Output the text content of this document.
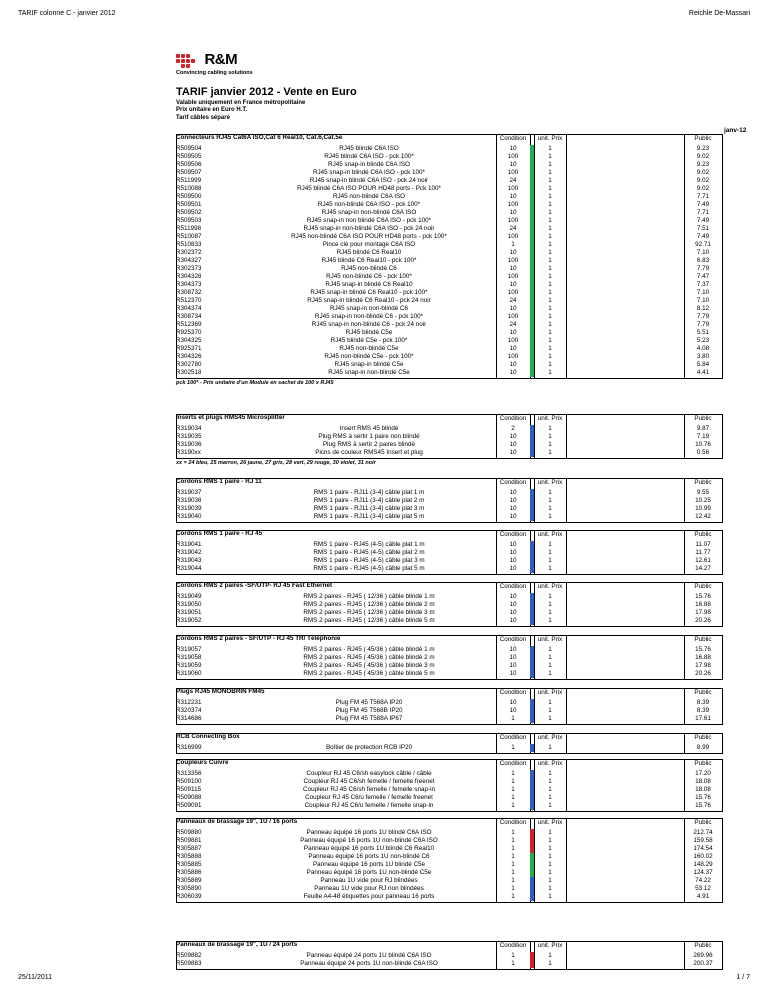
TARIF colonne C - janvier 2012	Reichle De-Massari
R&M
Convincing cabling solutions
TARIF janvier 2012 - Vente en Euro
Valable uniquement en France métropolitaine
Prix unitaire en Euro H.T.
Tarif câbles séparé
janv-12
Connecteurs RJ45 Cat6A ISO,Cat 6 Real10, Cat.6,Cat.5e	Condition	unit. Prix	Public
R509504	RJ45 blindé C6A ISO	10	1	9.23
R509505	RJ45 blindé C6A ISO - pck 100*	100	1	9.02
R509506	RJ45 snap-in blindé C6A ISO	10	1	9.23
R509507	RJ45 snap-in blindé C6A ISO - pck 100*	100	1	9.02
R511999	RJ45 snap-in blindé C6A ISO - pck 24 noir	24	1	9.02
R510088	RJ45 blindé C6A ISO POUR HD48 ports - Pck 100*	100	1	9.02
R509500	RJ45 non-blindé C6A ISO	10	1	7.71
R509501	RJ45 non-blindé C6A ISO - pck 100*	100	1	7.49
R509502	RJ45 snap-in non-blindé C6A ISO	10	1	7.71
R509503	RJ45 snap-in non blindé C6A ISO - pck 100*	100	1	7.49
R511998	RJ45 snap-in non-blindé C6A ISO - pck 24 noir	24	1	7.51
R510087	RJ45 non-blindé C6A ISO POUR HD48 ports - pck 100*	100	1	7.49
R510833	Pince clé pour montage C6A ISO	1	1	92.71
R302372	RJ45 blindé C6 Real10	10	1	7.10
R304327	RJ45 blindé C6 Real10 - pck 100*	100	1	6.83
R302373	RJ45 non-blindé C6	10	1	7.79
R304328	RJ45 non-blindé C6 - pck 100*	100	1	7.47
R304373	RJ45 snap-in blindé C6 Real10	10	1	7.37
R308732	RJ45 snap-in blindé C6 Real10 - pck 100*	100	1	7.10
R512370	RJ45 snap-in blindé C6 Real10 - pck 24 noir	24	1	7.10
R304374	RJ45 snap-in non-blindé C6	10	1	8.12
R308734	RJ45 snap-in non-blindé C6 - pck 100*	100	1	7.79
R512369	RJ45 snap-in non-blindé C6 - pck 24 noir	24	1	7.79
R925370	RJ45 blindé C5e	10	1	5.51
R304325	RJ45 blindé C5e - pck 100*	100	1	5.23
R925371	RJ45 non-blindé C5e	10	1	4.08
R304326	RJ45 non-blindé C5e - pck 100*	100	1	3.80
R302780	RJ45 snap-in blindé C5e	10	1	5.84
R302518	RJ45 snap-in non-blindé C5e	10	1	4.41
pck 100* - Prix unitaire d'un Module en sachet de 100 x RJ45
Inserts et plugs RMS45 Microsplitter	Condition	unit. Prix	Public
R319034	Insert RMS 45 blindé	2	1	9.87
R319035	Plug RMS à sertir 1 paire non blindé	10	1	7.19
R319036	Plug RMS à sertir 2 paires blindé	10	1	10.76
R3190xx	Picns de couleur RMS45 Insert et plug	10	1	0.56
xx = 24 bleu, 25 marron, 26 jaune, 27 gris, 28 vert, 29 rouge, 30 violet, 31 noir
Cordons RMS 1 paire - RJ 11	Condition	unit. Prix	Public
R319037	RMS 1 paire - RJ11 (3-4) câble plat 1 m	10	1	9.55
R319038	RMS 1 paire - RJ11 (3-4) câble plat 2 m	10	1	10.25
R319039	RMS 1 paire - RJ11 (3-4) câble plat 3 m	10	1	10.99
R319040	RMS 1 paire - RJ11 (3-4) câble plat 5 m	10	1	12.42
Cordons RMS 1 paire - RJ 45	Condition	unit. Prix	Public
R319041	RMS 1 paire - RJ45 (4-5) câble plat 1 m	10	1	11.07
R319042	RMS 1 paire - RJ45 (4-5) câble plat 2 m	10	1	11.77
R319043	RMS 1 paire - RJ45 (4-5) câble plat 3 m	10	1	12.61
R319044	RMS 1 paire - RJ45 (4-5) câble plat 5 m	10	1	14.27
Cordons RMS 2 paires -SF/UTP- RJ 45 Fast Ethernet	Condition	unit. Prix	Public
R319049	RMS 2 paires - RJ45 ( 12/36 ) câble blindé 1 m	10	1	15.76
R319050	RMS 2 paires - RJ45 ( 12/36 ) câble blindé 2 m	10	1	16.88
R319051	RMS 2 paires - RJ45 ( 12/36 ) câble blindé 3 m	10	1	17.98
R319052	RMS 2 paires - RJ45 ( 12/36 ) câble blindé 5 m	10	1	20.26
Cordons RMS 2 paires - SF/UTP - RJ 45 TR/ Téléphonie	Condition	unit. Prix	Public
R319057	RMS 2 paires - RJ45 ( 45/36 ) câble blindé 1 m	10	1	15.76
R319058	RMS 2 paires - RJ45 ( 45/36 ) câble blindé 2 m	10	1	16.88
R319059	RMS 2 paires - RJ45 ( 45/36 ) câble blindé 3 m	10	1	17.98
R319060	RMS 2 paires - RJ45 ( 45/36 ) câble blindé 5 m	10	1	20.26
Plugs RJ45 MONOBRIN FM45	Condition	unit. Prix	Public
R312231	Plug FM 45 T568A IP20	10	1	8.39
R320374	Plug FM 45 T568B IP20	10	1	8.39
R314686	Plug FM 45 T588A IP67	1	1	17.61
RCB Connecting Box	Condition	unit. Prix	Public
R316999	Boîtier de protection RCB IP20	1	1	8.99
Coupleurs Cuivre	Condition	unit. Prix	Public
R313356	Coupleur RJ 45 C6/sh easylock câble / câble	1	1	17.20
R509100	Coupleur RJ 45 C6/sh femelle / femelle freenet	1	1	18.08
R509115	Coupleur RJ 45 C6/sh femelle / femelle snap-in	1	1	18.08
R509088	Coupleur RJ 45 C6/u femelle / femelle freenet	1	1	15.76
R509091	Coupleur RJ 45 C6/u femelle / femelle snap-in	1	1	15.76
Panneaux de brassage 19", 1U / 16 ports	Condition	unit. Prix	Public
R509880	Panneau équipé 16 ports 1U blindé C6A ISO	1	1	212.74
R509881	Panneau équipé 16 ports 1U non-blindé C6A ISO	1	1	159.58
R305887	Panneau équipé 16 ports 1U blindé C6 Real10	1	1	174.54
R305888	Panneau équipé 16 ports 1U non-blindé C6	1	1	160.02
R305885	Panneau équipé 16 ports 1U blindé C5e	1	1	148.29
R305886	Panneau équipé 16 ports 1U non-blindé C5e	1	1	124.37
R305889	Panneau 1U vide pour RJ blindées	1	1	74.22
R305890	Panneau 1U vide pour RJ non blindées	1	1	53.12
R306039	Feuille A4-48 étiquettes pour panneau 16 ports	1	1	4.91
Panneaux de brassage 19", 1U / 24 ports	Condition	unit. Prix	Public
R509882	Panneau équipé 24 ports 1U blindé C6A ISO	1	1	269.96
R509883	Panneau équipé 24 ports 1U non-blindé C6A ISO	1	1	200.37
25/11/2011	1 / 7
